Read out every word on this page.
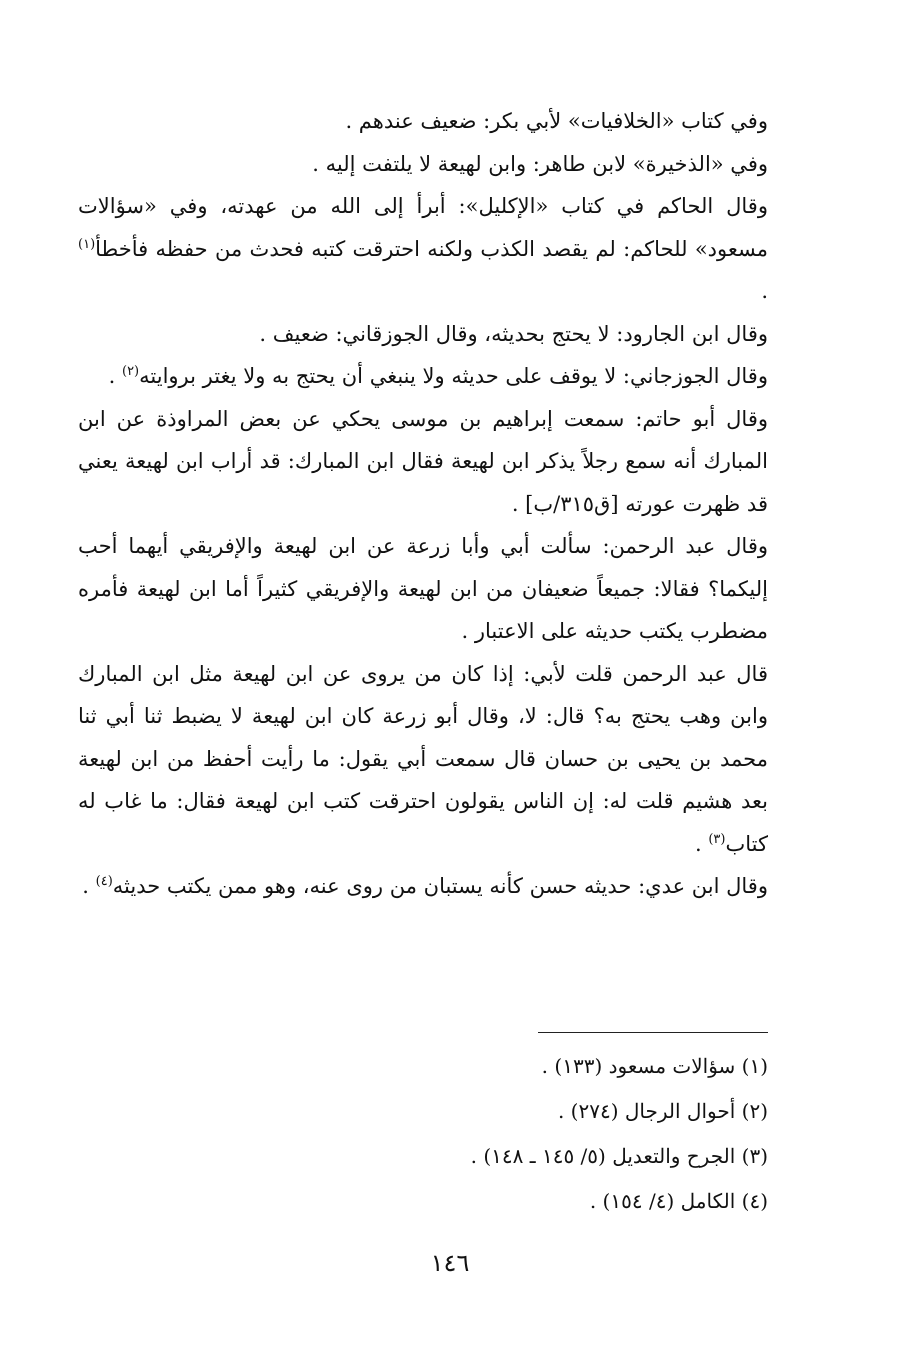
وفي كتاب «الخلافيات» لأبي بكر: ضعيف عندهم .

وفي «الذخيرة» لابن طاهر: وابن لهيعة لا يلتفت إليه .

وقال الحاكم في كتاب «الإكليل»: أبرأ إلى الله من عهدته، وفي «سؤالات مسعود» للحاكم: لم يقصد الكذب ولكنه احترقت كتبه فحدث من حفظه فأخطأ$^{(١)}$ .

وقال ابن الجارود: لا يحتج بحديثه، وقال الجوزقاني: ضعيف .

وقال الجوزجاني: لا يوقف على حديثه ولا ينبغي أن يحتج به ولا يغتر بروايته$^{(٢)}$ .

وقال أبو حاتم: سمعت إبراهيم بن موسى يحكي عن بعض المراوذة عن ابن المبارك أنه سمع رجلاً يذكر ابن لهيعة فقال ابن المبارك: قد أراب ابن لهيعة يعني قد ظهرت عورته [ق٣١٥/ب] .

وقال عبد الرحمن: سألت أبي وأبا زرعة عن ابن لهيعة والإفريقي أيهما أحب إليكما؟ فقالا: جميعاً ضعيفان من ابن لهيعة والإفريقي كثيراً أما ابن لهيعة فأمره مضطرب يكتب حديثه على الاعتبار .

قال عبد الرحمن قلت لأبي: إذا كان من يروى عن ابن لهيعة مثل ابن المبارك وابن وهب يحتج به؟ قال: لا، وقال أبو زرعة كان ابن لهيعة لا يضبط ثنا أبي ثنا محمد بن يحيى بن حسان قال سمعت أبي يقول: ما رأيت أحفظ من ابن لهيعة بعد هشيم قلت له: إن الناس يقولون احترقت كتب ابن لهيعة فقال: ما غاب له كتاب$^{(٣)}$ .

وقال ابن عدي: حديثه حسن كأنه يستبان من روى عنه، وهو ممن يكتب حديثه$^{(٤)}$ .

(١) سؤالات مسعود (١٣٣) .

(٢) أحوال الرجال (٢٧٤) .

(٣) الجرح والتعديل (٥/ ١٤٥ ـ ١٤٨) .

(٤) الكامل (٤/ ١٥٤) .

١٤٦
